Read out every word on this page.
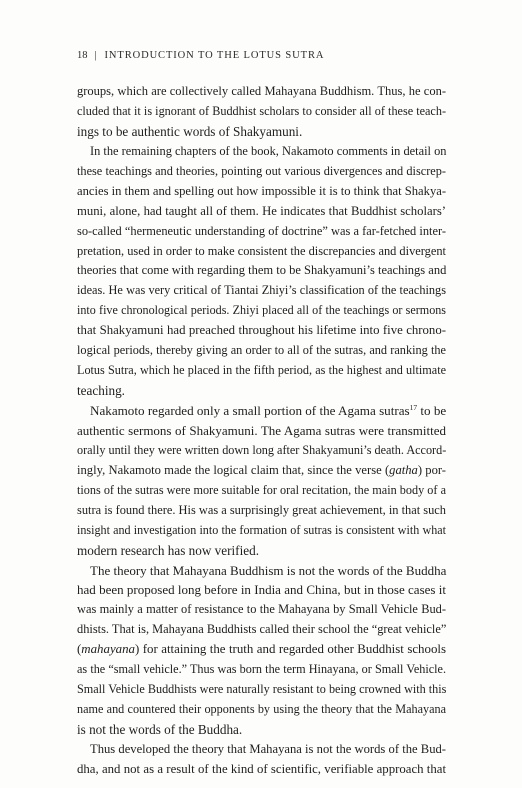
18 | INTRODUCTION TO THE LOTUS SUTRA
groups, which are collectively called Mahayana Buddhism. Thus, he con-
cluded that it is ignorant of Buddhist scholars to consider all of these teach-
ings to be authentic words of Shakyamuni.
In the remaining chapters of the book, Nakamoto comments in detail on
these teachings and theories, pointing out various divergences and discrep-
ancies in them and spelling out how impossible it is to think that Shakya-
muni, alone, had taught all of them. He indicates that Buddhist scholars’
so-called “hermeneutic understanding of doctrine” was a far-fetched inter-
pretation, used in order to make consistent the discrepancies and divergent
theories that come with regarding them to be Shakyamuni’s teachings and
ideas. He was very critical of Tiantai Zhiyi’s classification of the teachings
into five chronological periods. Zhiyi placed all of the teachings or sermons
that Shakyamuni had preached throughout his lifetime into five chrono-
logical periods, thereby giving an order to all of the sutras, and ranking the
Lotus Sutra, which he placed in the fifth period, as the highest and ultimate
teaching.
Nakamoto regarded only a small portion of the Agama sutras$^{17}$ to be
authentic sermons of Shakyamuni. The Agama sutras were transmitted
orally until they were written down long after Shakyamuni’s death. Accord-
ingly, Nakamoto made the logical claim that, since the verse (gatha) por-
tions of the sutras were more suitable for oral recitation, the main body of a
sutra is found there. His was a surprisingly great achievement, in that such
insight and investigation into the formation of sutras is consistent with what
modern research has now verified.
The theory that Mahayana Buddhism is not the words of the Buddha
had been proposed long before in India and China, but in those cases it
was mainly a matter of resistance to the Mahayana by Small Vehicle Bud-
dhists. That is, Mahayana Buddhists called their school the “great vehicle”
(mahayana) for attaining the truth and regarded other Buddhist schools
as the “small vehicle.” Thus was born the term Hinayana, or Small Vehicle.
Small Vehicle Buddhists were naturally resistant to being crowned with this
name and countered their opponents by using the theory that the Mahayana
is not the words of the Buddha.
Thus developed the theory that Mahayana is not the words of the Bud-
dha, and not as a result of the kind of scientific, verifiable approach that
